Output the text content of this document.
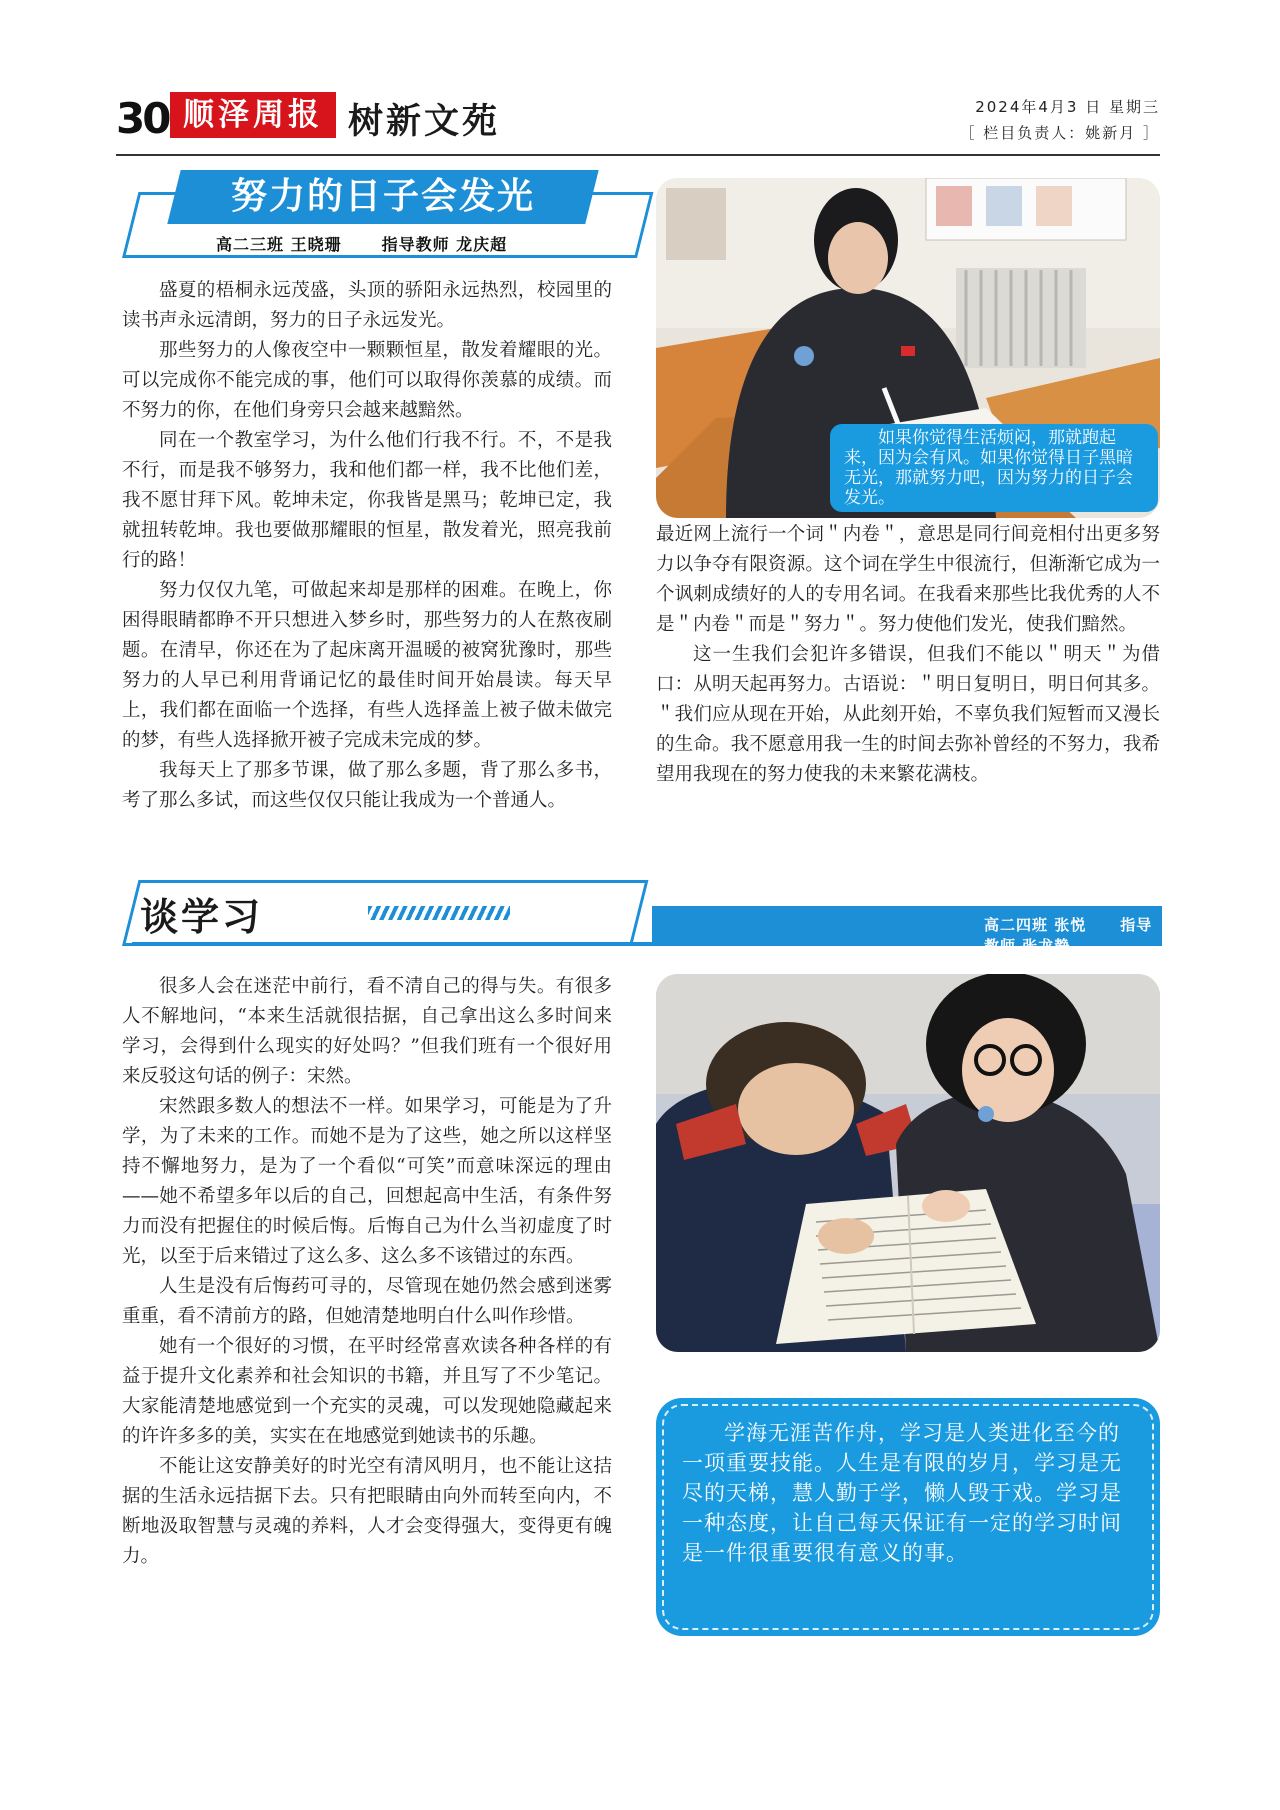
30 顺泽周报 树新文苑	2024年4月3 日 星期三
［ 栏目负责人：姚新月 ］
努力的日子会发光
高二三班 王晓珊	指导教师 龙庆超

盛夏的梧桐永远茂盛，头顶的骄阳永远热烈，校园里的读书声永远清朗，努力的日子永远发光。

那些努力的人像夜空中一颗颗恒星，散发着耀眼的光。可以完成你不能完成的事，他们可以取得你羡慕的成绩。而不努力的你，在他们身旁只会越来越黯然。

同在一个教室学习，为什么他们行我不行。不，不是我不行，而是我不够努力，我和他们都一样，我不比他们差，我不愿甘拜下风。乾坤未定，你我皆是黑马；乾坤已定，我就扭转乾坤。我也要做那耀眼的恒星，散发着光，照亮我前行的路！

努力仅仅九笔，可做起来却是那样的困难。在晚上，你困得眼睛都睁不开只想进入梦乡时，那些努力的人在熬夜刷题。在清早，你还在为了起床离开温暖的被窝犹豫时，那些努力的人早已利用背诵记忆的最佳时间开始晨读。每天早上，我们都在面临一个选择，有些人选择盖上被子做未做完的梦，有些人选择掀开被子完成未完成的梦。

我每天上了那多节课，做了那么多题，背了那么多书，考了那么多试，而这些仅仅只能让我成为一个普通人。

如果你觉得生活烦闷，那就跑起来，因为会有风。如果你觉得日子黑暗无光，那就努力吧，因为努力的日子会发光。

最近网上流行一个词＂内卷＂，意思是同行间竞相付出更多努力以争夺有限资源。这个词在学生中很流行，但渐渐它成为一个讽刺成绩好的人的专用名词。在我看来那些比我优秀的人不是＂内卷＂而是＂努力＂。努力使他们发光，使我们黯然。

这一生我们会犯许多错误，但我们不能以＂明天＂为借口：从明天起再努力。古语说：＂明日复明日，明日何其多。＂我们应从现在开始，从此刻开始，不辜负我们短暂而又漫长的生命。我不愿意用我一生的时间去弥补曾经的不努力，我希望用我现在的努力使我的未来繁花满枝。

谈学习	高二四班 张悦 指导教师 张龙静

很多人会在迷茫中前行，看不清自己的得与失。有很多人不解地问，“本来生活就很拮据，自己拿出这么多时间来学习，会得到什么现实的好处吗？”但我们班有一个很好用来反驳这句话的例子：宋然。

宋然跟多数人的想法不一样。如果学习，可能是为了升学，为了未来的工作。而她不是为了这些，她之所以这样坚持不懈地努力，是为了一个看似“可笑”而意味深远的理由——她不希望多年以后的自己，回想起高中生活，有条件努力而没有把握住的时候后悔。后悔自己为什么当初虚度了时光，以至于后来错过了这么多、这么多不该错过的东西。

人生是没有后悔药可寻的，尽管现在她仍然会感到迷雾重重，看不清前方的路，但她清楚地明白什么叫作珍惜。

她有一个很好的习惯，在平时经常喜欢读各种各样的有益于提升文化素养和社会知识的书籍，并且写了不少笔记。大家能清楚地感觉到一个充实的灵魂，可以发现她隐藏起来的许许多多的美，实实在在地感觉到她读书的乐趣。

不能让这安静美好的时光空有清风明月，也不能让这拮据的生活永远拮据下去。只有把眼睛由向外而转至向内，不断地汲取智慧与灵魂的养料，人才会变得强大，变得更有魄力。

学海无涯苦作舟，学习是人类进化至今的一项重要技能。人生是有限的岁月，学习是无尽的天梯，慧人勤于学，懒人毁于戏。学习是一种态度，让自己每天保证有一定的学习时间是一件很重要很有意义的事。
